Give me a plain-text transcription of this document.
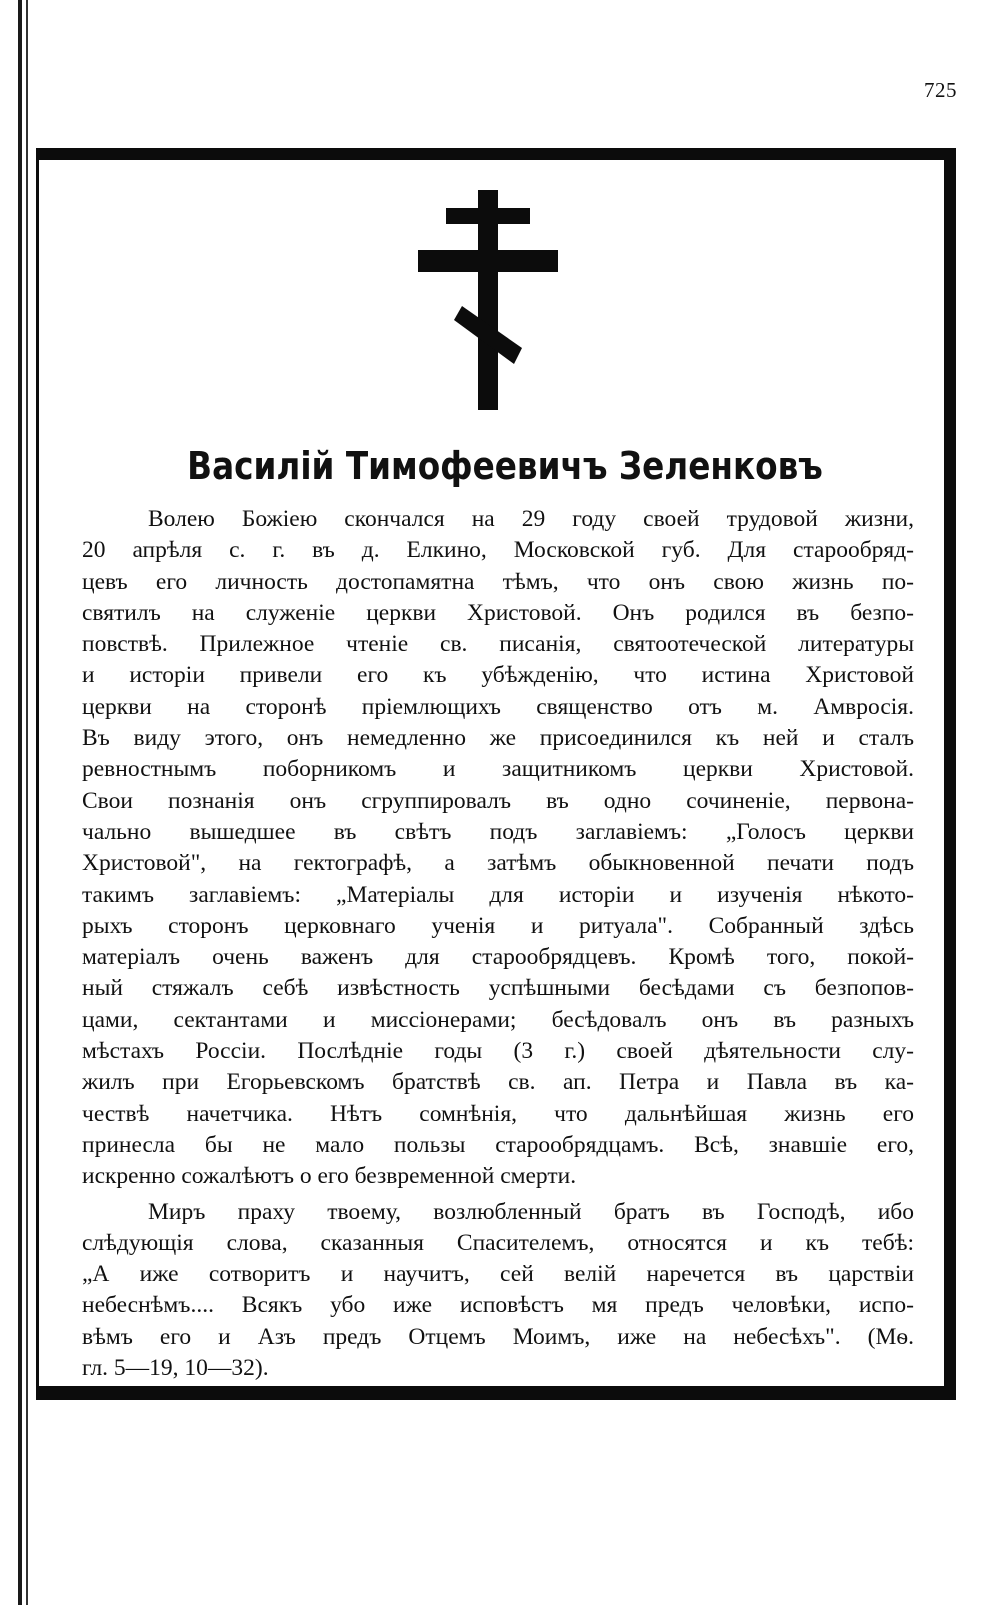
725
Василій Тимофеевичъ Зеленковъ
Волею Божіею скончался на 29 году своей трудовой жизни,
20 апрѣля с. г. въ д. Елкино, Московской губ. Для старообряд-
цевъ его личность достопамятна тѣмъ, что онъ свою жизнь по-
святилъ на служеніе церкви Христовой. Онъ родился въ безпо-
повствѣ. Прилежное чтеніе св. писанія, святоотеческой литературы
и исторіи привели его къ убѣжденію, что истина Христовой
церкви на сторонѣ пріемлющихъ священство отъ м. Амвросія.
Въ виду этого, онъ немедленно же присоединился къ ней и сталъ
ревностнымъ поборникомъ и защитникомъ церкви Христовой.
Свои познанія онъ сгруппировалъ въ одно сочиненіе, первона-
чально вышедшее въ свѣтъ подъ заглавіемъ: „Голосъ церкви
Христовой", на гектографѣ, а затѣмъ обыкновенной печати подъ
такимъ заглавіемъ: „Матеріалы для исторіи и изученія нѣкото-
рыхъ сторонъ церковнаго ученія и ритуала". Собранный здѣсь
матеріалъ очень важенъ для старообрядцевъ. Кромѣ того, покой-
ный стяжалъ себѣ извѣстность успѣшными бесѣдами съ безпопов-
цами, сектантами и миссіонерами; бесѣдовалъ онъ въ разныхъ
мѣстахъ Россіи. Послѣдніе годы (3 г.) своей дѣятельности слу-
жилъ при Егорьевскомъ братствѣ св. ап. Петра и Павла въ ка-
чествѣ начетчика. Нѣтъ сомнѣнія, что дальнѣйшая жизнь его
принесла бы не мало пользы старообрядцамъ. Всѣ, знавшіе его,
искренно сожалѣютъ о его безвременной смерти.
Миръ праху твоему, возлюбленный братъ въ Господѣ, ибо
слѣдующія слова, сказанныя Спасителемъ, относятся и къ тебѣ:
„А иже сотворитъ и научитъ, сей велій наречется въ царствіи
небеснѣмъ.... Всякъ убо иже исповѣстъ мя предъ человѣки, испо-
вѣмъ его и Азъ предъ Отцемъ Моимъ, иже на небесѣхъ". (Мѳ.
гл. 5—19, 10—32).
